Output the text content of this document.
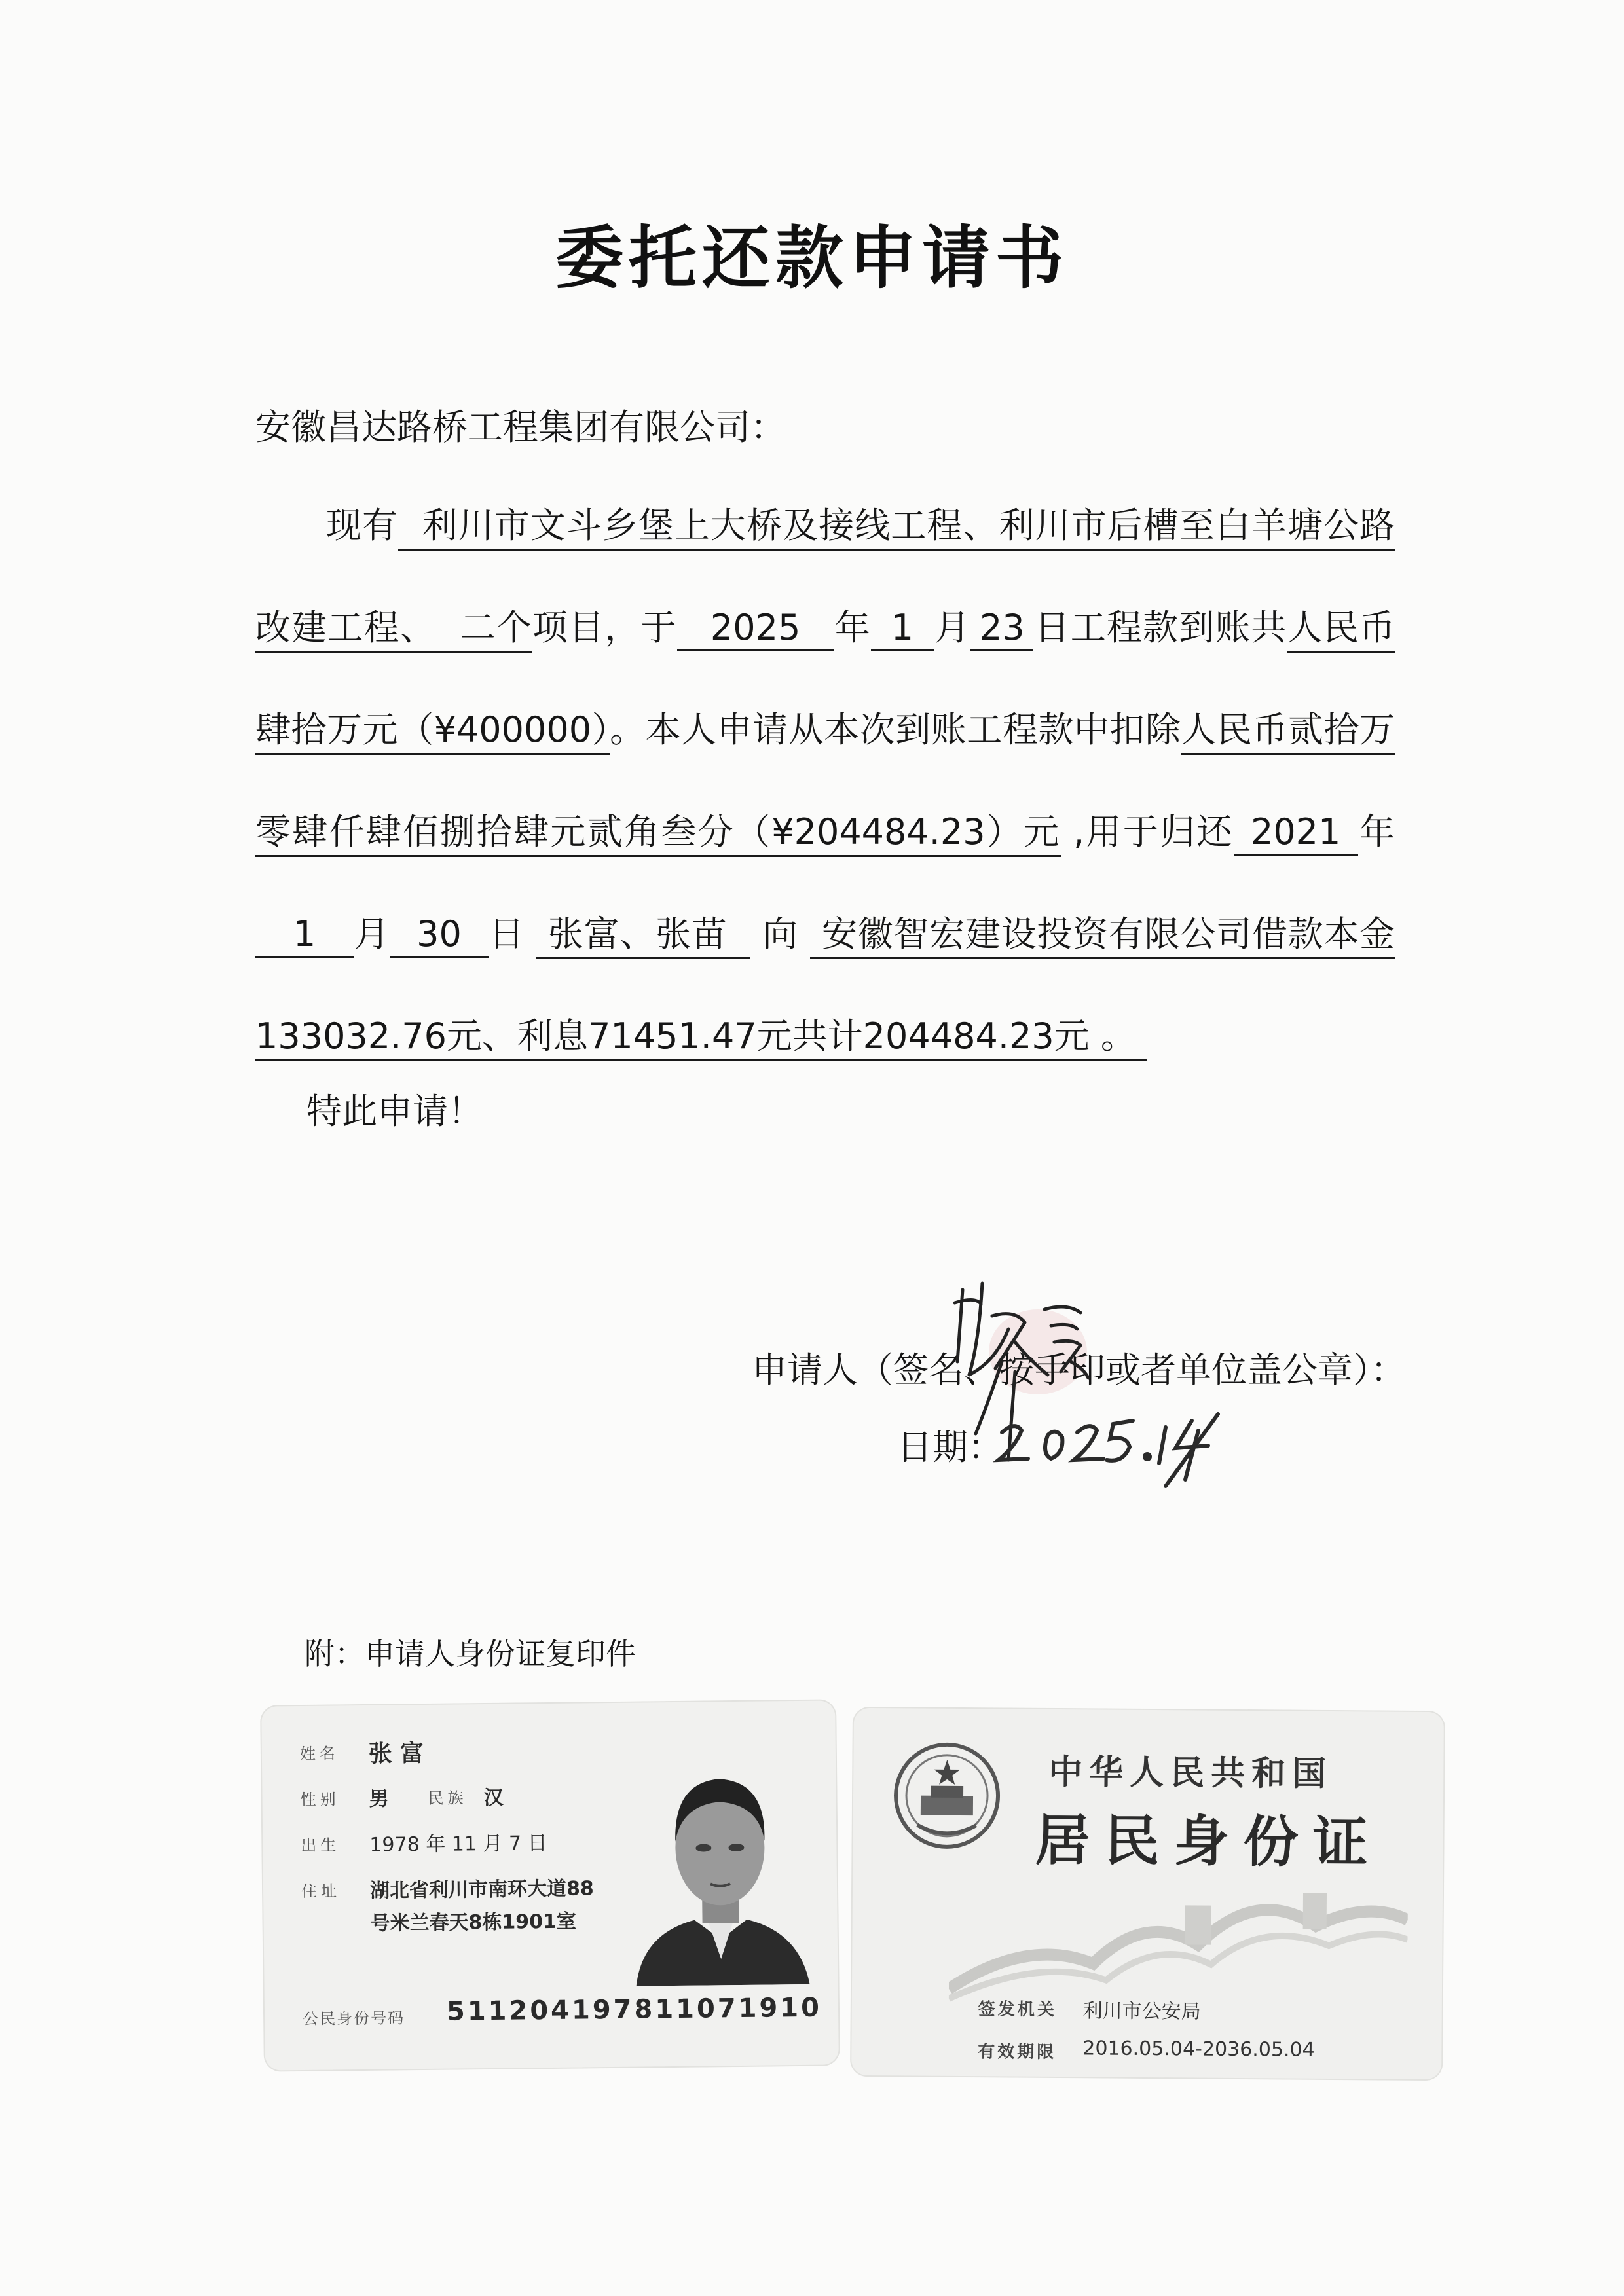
委托还款申请书
安徽昌达路桥工程集团有限公司：
现有 利川市文斗乡堡上大桥及接线工程、利川市后槽至白羊塘公路改建工程、 二个项目，于 2025 年 1 月 23 日工程款到账共人民币肆拾万元（¥400000）。本人申请从本次到账工程款中扣除人民币贰拾万零肆仟肆佰捌拾肆元贰角叁分（¥204484.23）元 ,用于归还 2021 年1 月 30 日 张富、张苗 向 安徽智宏建设投资有限公司借款本金133032.76元、利息71451.47元共计204484.23元 。
特此申请！
申请人（签名、按手印或者单位盖公章）：
日期：
2025.1.24
附：申请人身份证复印件
姓名 张富
性别 男 民族 汉
出生 1978 年 11 月 7 日
住址 湖北省利川市南环大道88
号米兰春天8栋1901室
公民身份号码 511204197811071910
中华人民共和国
居民身份证
签发机关 利川市公安局
有效期限 2016.05.04-2036.05.04
